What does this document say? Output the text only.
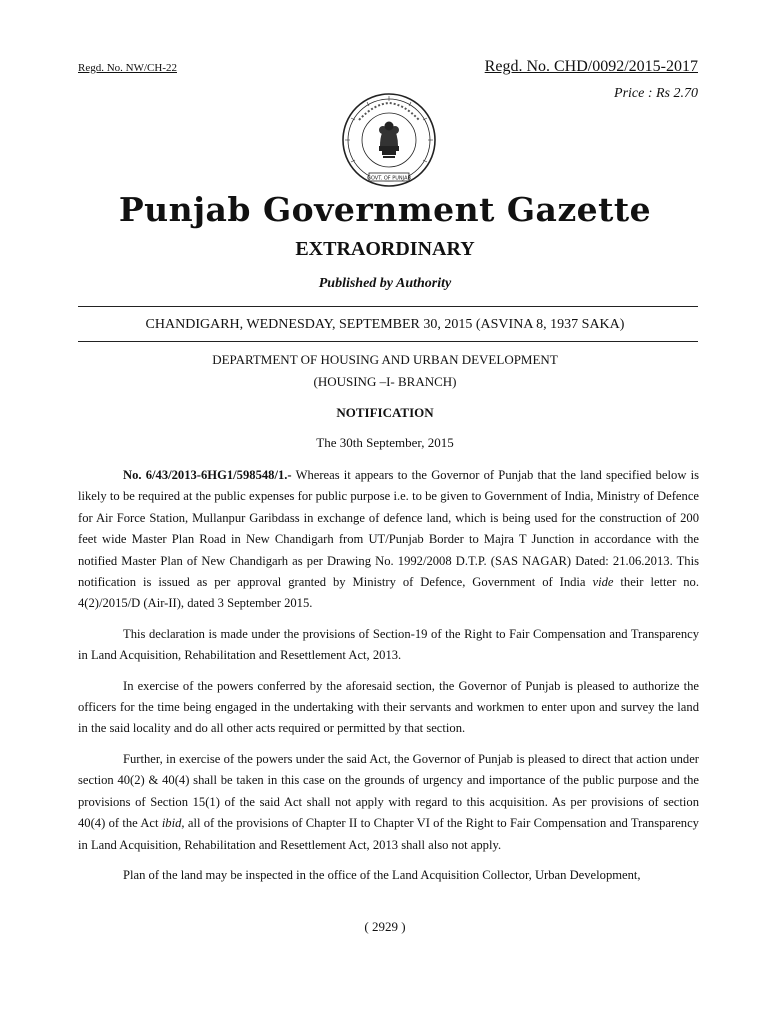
Regd. No. NW/CH-22	Regd. No. CHD/0092/2015-2017
Price : Rs 2.70
GOVT. OF PUNJAB
Punjab Government Gazette
EXTRAORDINARY
Published by Authority
CHANDIGARH, WEDNESDAY, SEPTEMBER 30, 2015 (ASVINA 8, 1937 SAKA)
DEPARTMENT OF HOUSING AND URBAN DEVELOPMENT
(HOUSING –I- BRANCH)
NOTIFICATION
The 30th September, 2015

No. 6/43/2013-6HG1/598548/1.- Whereas it appears to the Governor of Punjab that the land specified below is likely to be required at the public expenses for public purpose i.e. to be given to Government of India, Ministry of Defence for Air Force Station, Mullanpur Garibdass in exchange of defence land, which is being used for the construction of 200 feet wide Master Plan Road in New Chandigarh from UT/Punjab Border to Majra T Junction in accordance with the notified Master Plan of New Chandigarh as per Drawing No. 1992/2008 D.T.P. (SAS NAGAR) Dated: 21.06.2013. This notification is issued as per approval granted by Ministry of Defence, Government of India vide their letter no. 4(2)/2015/D (Air-II), dated 3 September 2015.

This declaration is made under the provisions of Section-19 of the Right to Fair Compensation and Transparency in Land Acquisition, Rehabilitation and Resettlement Act, 2013.

In exercise of the powers conferred by the aforesaid section, the Governor of Punjab is pleased to authorize the officers for the time being engaged in the undertaking with their servants and workmen to enter upon and survey the land in the said locality and do all other acts required or permitted by that section.

Further, in exercise of the powers under the said Act, the Governor of Punjab is pleased to direct that action under section 40(2) & 40(4) shall be taken in this case on the grounds of urgency and importance of the public purpose and the provisions of Section 15(1) of the said Act shall not apply with regard to this acquisition. As per provisions of section 40(4) of the Act ibid, all of the provisions of Chapter II to Chapter VI of the Right to Fair Compensation and Transparency in Land Acquisition, Rehabilitation and Resettlement Act, 2013 shall also not apply.

Plan of the land may be inspected in the office of the Land Acquisition Collector, Urban Development,

( 2929 )
